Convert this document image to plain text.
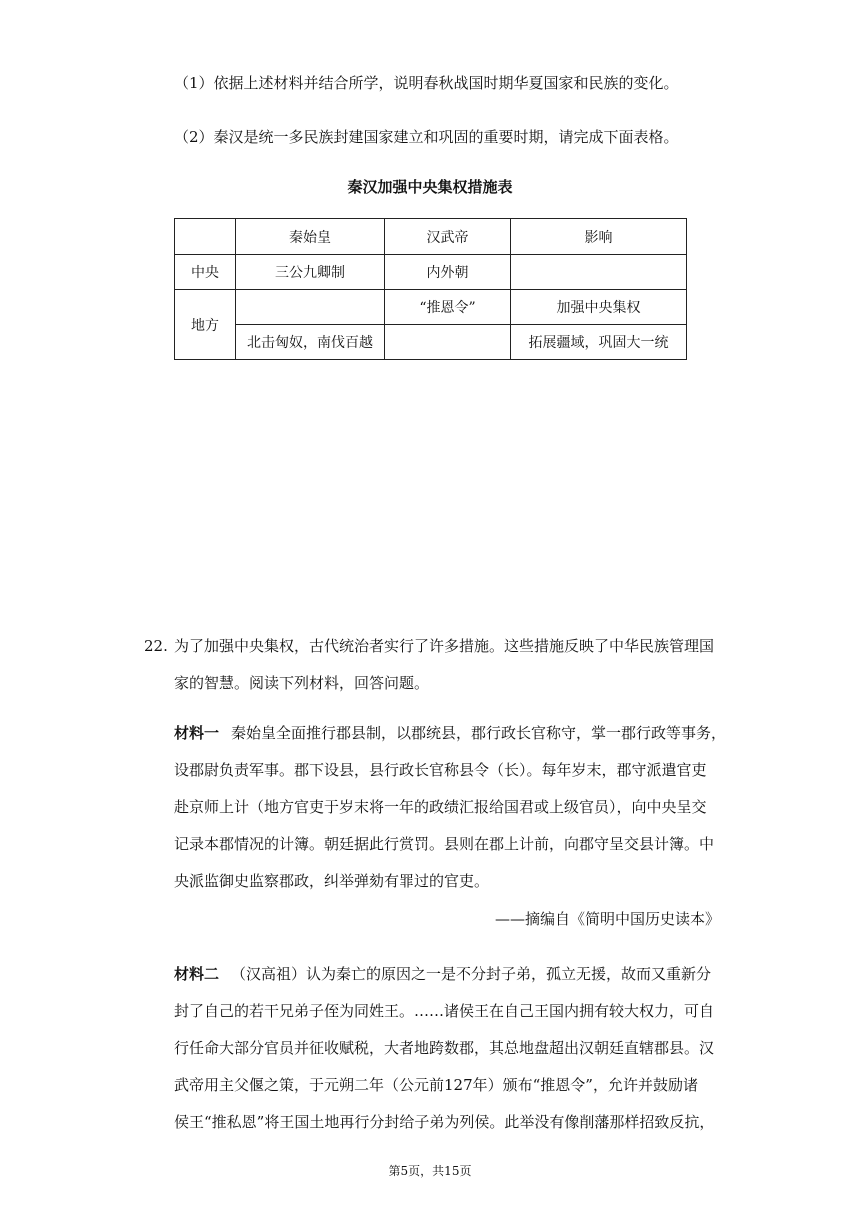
（1）依据上述材料并结合所学，说明春秋战国时期华夏国家和民族的变化。
（2）秦汉是统一多民族封建国家建立和巩固的重要时期，请完成下面表格。
秦汉加强中央集权措施表
	秦始皇	汉武帝	影响
中央	三公九卿制	内外朝	
地方		“推恩令”	加强中央集权
	北击匈奴，南伐百越		拓展疆域，巩固大一统
22. 为了加强中央集权，古代统治者实行了许多措施。这些措施反映了中华民族管理国
家的智慧。阅读下列材料，回答问题。
材料一 秦始皇全面推行郡县制，以郡统县，郡行政长官称守，掌一郡行政等事务，
设郡尉负责军事。郡下设县，县行政长官称县令（长）。每年岁末，郡守派遣官吏
赴京师上计（地方官吏于岁末将一年的政绩汇报给国君或上级官员），向中央呈交
记录本郡情况的计簿。朝廷据此行赏罚。县则在郡上计前，向郡守呈交县计簿。中
央派监御史监察郡政，纠举弹劾有罪过的官吏。
——摘编自《简明中国历史读本》
材料二 （汉高祖）认为秦亡的原因之一是不分封子弟，孤立无援，故而又重新分
封了自己的若干兄弟子侄为同姓王。……诸侯王在自己王国内拥有较大权力，可自
行任命大部分官员并征收赋税，大者地跨数郡，其总地盘超出汉朝廷直辖郡县。汉
武帝用主父偃之策，于元朔二年（公元前127年）颁布“推恩令”，允许并鼓励诸
侯王“推私恩”将王国土地再行分封给子弟为列侯。此举没有像削藩那样招致反抗，
第5页，共15页
